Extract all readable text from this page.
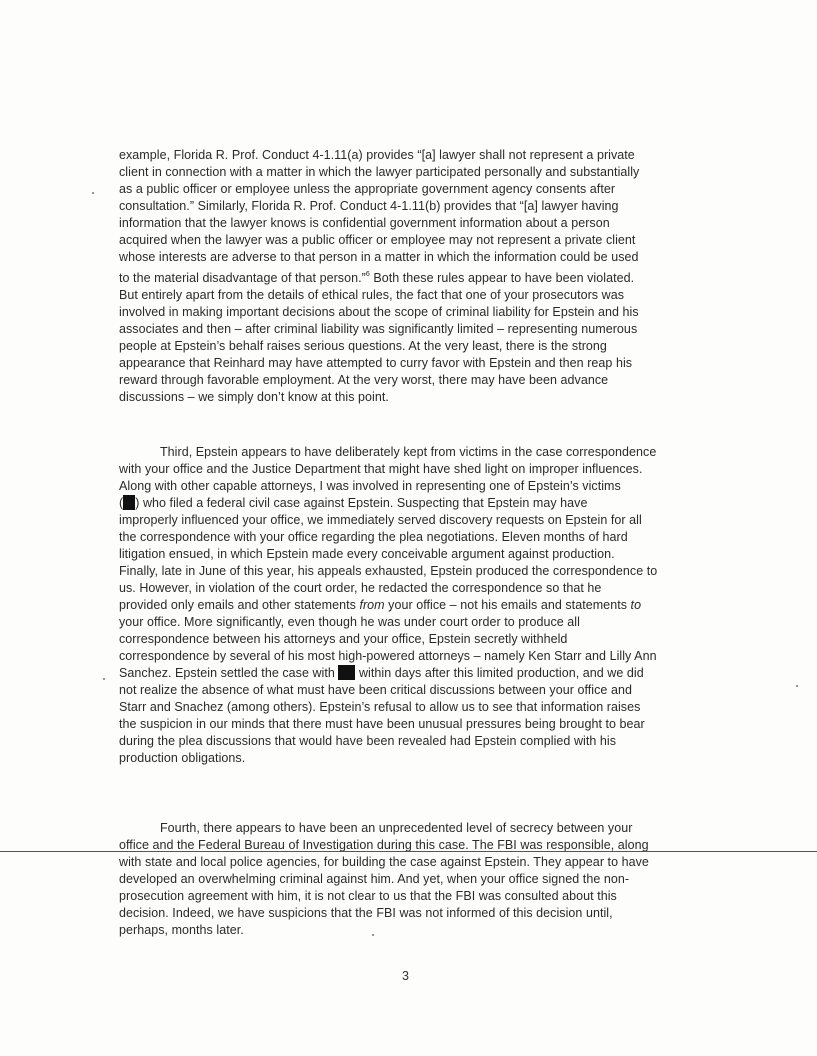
example, Florida R. Prof. Conduct 4-1.11(a) provides “[a] lawyer shall not represent a private
client in connection with a matter in which the lawyer participated personally and substantially
as a public officer or employee unless the appropriate government agency consents after
consultation.” Similarly, Florida R. Prof. Conduct 4-1.11(b) provides that “[a] lawyer having
information that the lawyer knows is confidential government information about a person
acquired when the lawyer was a public officer or employee may not represent a private client
whose interests are adverse to that person in a matter in which the information could be used
to the material disadvantage of that person.”$^6$ Both these rules appear to have been violated.
But entirely apart from the details of ethical rules, the fact that one of your prosecutors was
involved in making important decisions about the scope of criminal liability for Epstein and his
associates and then – after criminal liability was significantly limited – representing numerous
people at Epstein’s behalf raises serious questions. At the very least, there is the strong
appearance that Reinhard may have attempted to curry favor with Epstein and then reap his
reward through favorable employment. At the very worst, there may have been advance
discussions – we simply don’t know at this point.
Third, Epstein appears to have deliberately kept from victims in the case correspondence
with your office and the Justice Department that might have shed light on improper influences.
Along with other capable attorneys, I was involved in representing one of Epstein’s victims
( ) who filed a federal civil case against Epstein. Suspecting that Epstein may have
improperly influenced your office, we immediately served discovery requests on Epstein for all
the correspondence with your office regarding the plea negotiations. Eleven months of hard
litigation ensued, in which Epstein made every conceivable argument against production.
Finally, late in June of this year, his appeals exhausted, Epstein produced the correspondence to
us. However, in violation of the court order, he redacted the correspondence so that he
provided only emails and other statements from your office – not his emails and statements to
your office. More significantly, even though he was under court order to produce all
correspondence between his attorneys and your office, Epstein secretly withheld
correspondence by several of his most high-powered attorneys – namely Ken Starr and Lilly Ann
Sanchez. Epstein settled the case with  within days after this limited production, and we did
not realize the absence of what must have been critical discussions between your office and
Starr and Snachez (among others). Epstein’s refusal to allow us to see that information raises
the suspicion in our minds that there must have been unusual pressures being brought to bear
during the plea discussions that would have been revealed had Epstein complied with his
production obligations.
Fourth, there appears to have been an unprecedented level of secrecy between your
office and the Federal Bureau of Investigation during this case. The FBI was responsible, along
with state and local police agencies, for building the case against Epstein. They appear to have
developed an overwhelming criminal against him. And yet, when your office signed the non-
prosecution agreement with him, it is not clear to us that the FBI was consulted about this
decision. Indeed, we have suspicions that the FBI was not informed of this decision until,
perhaps, months later.
3
